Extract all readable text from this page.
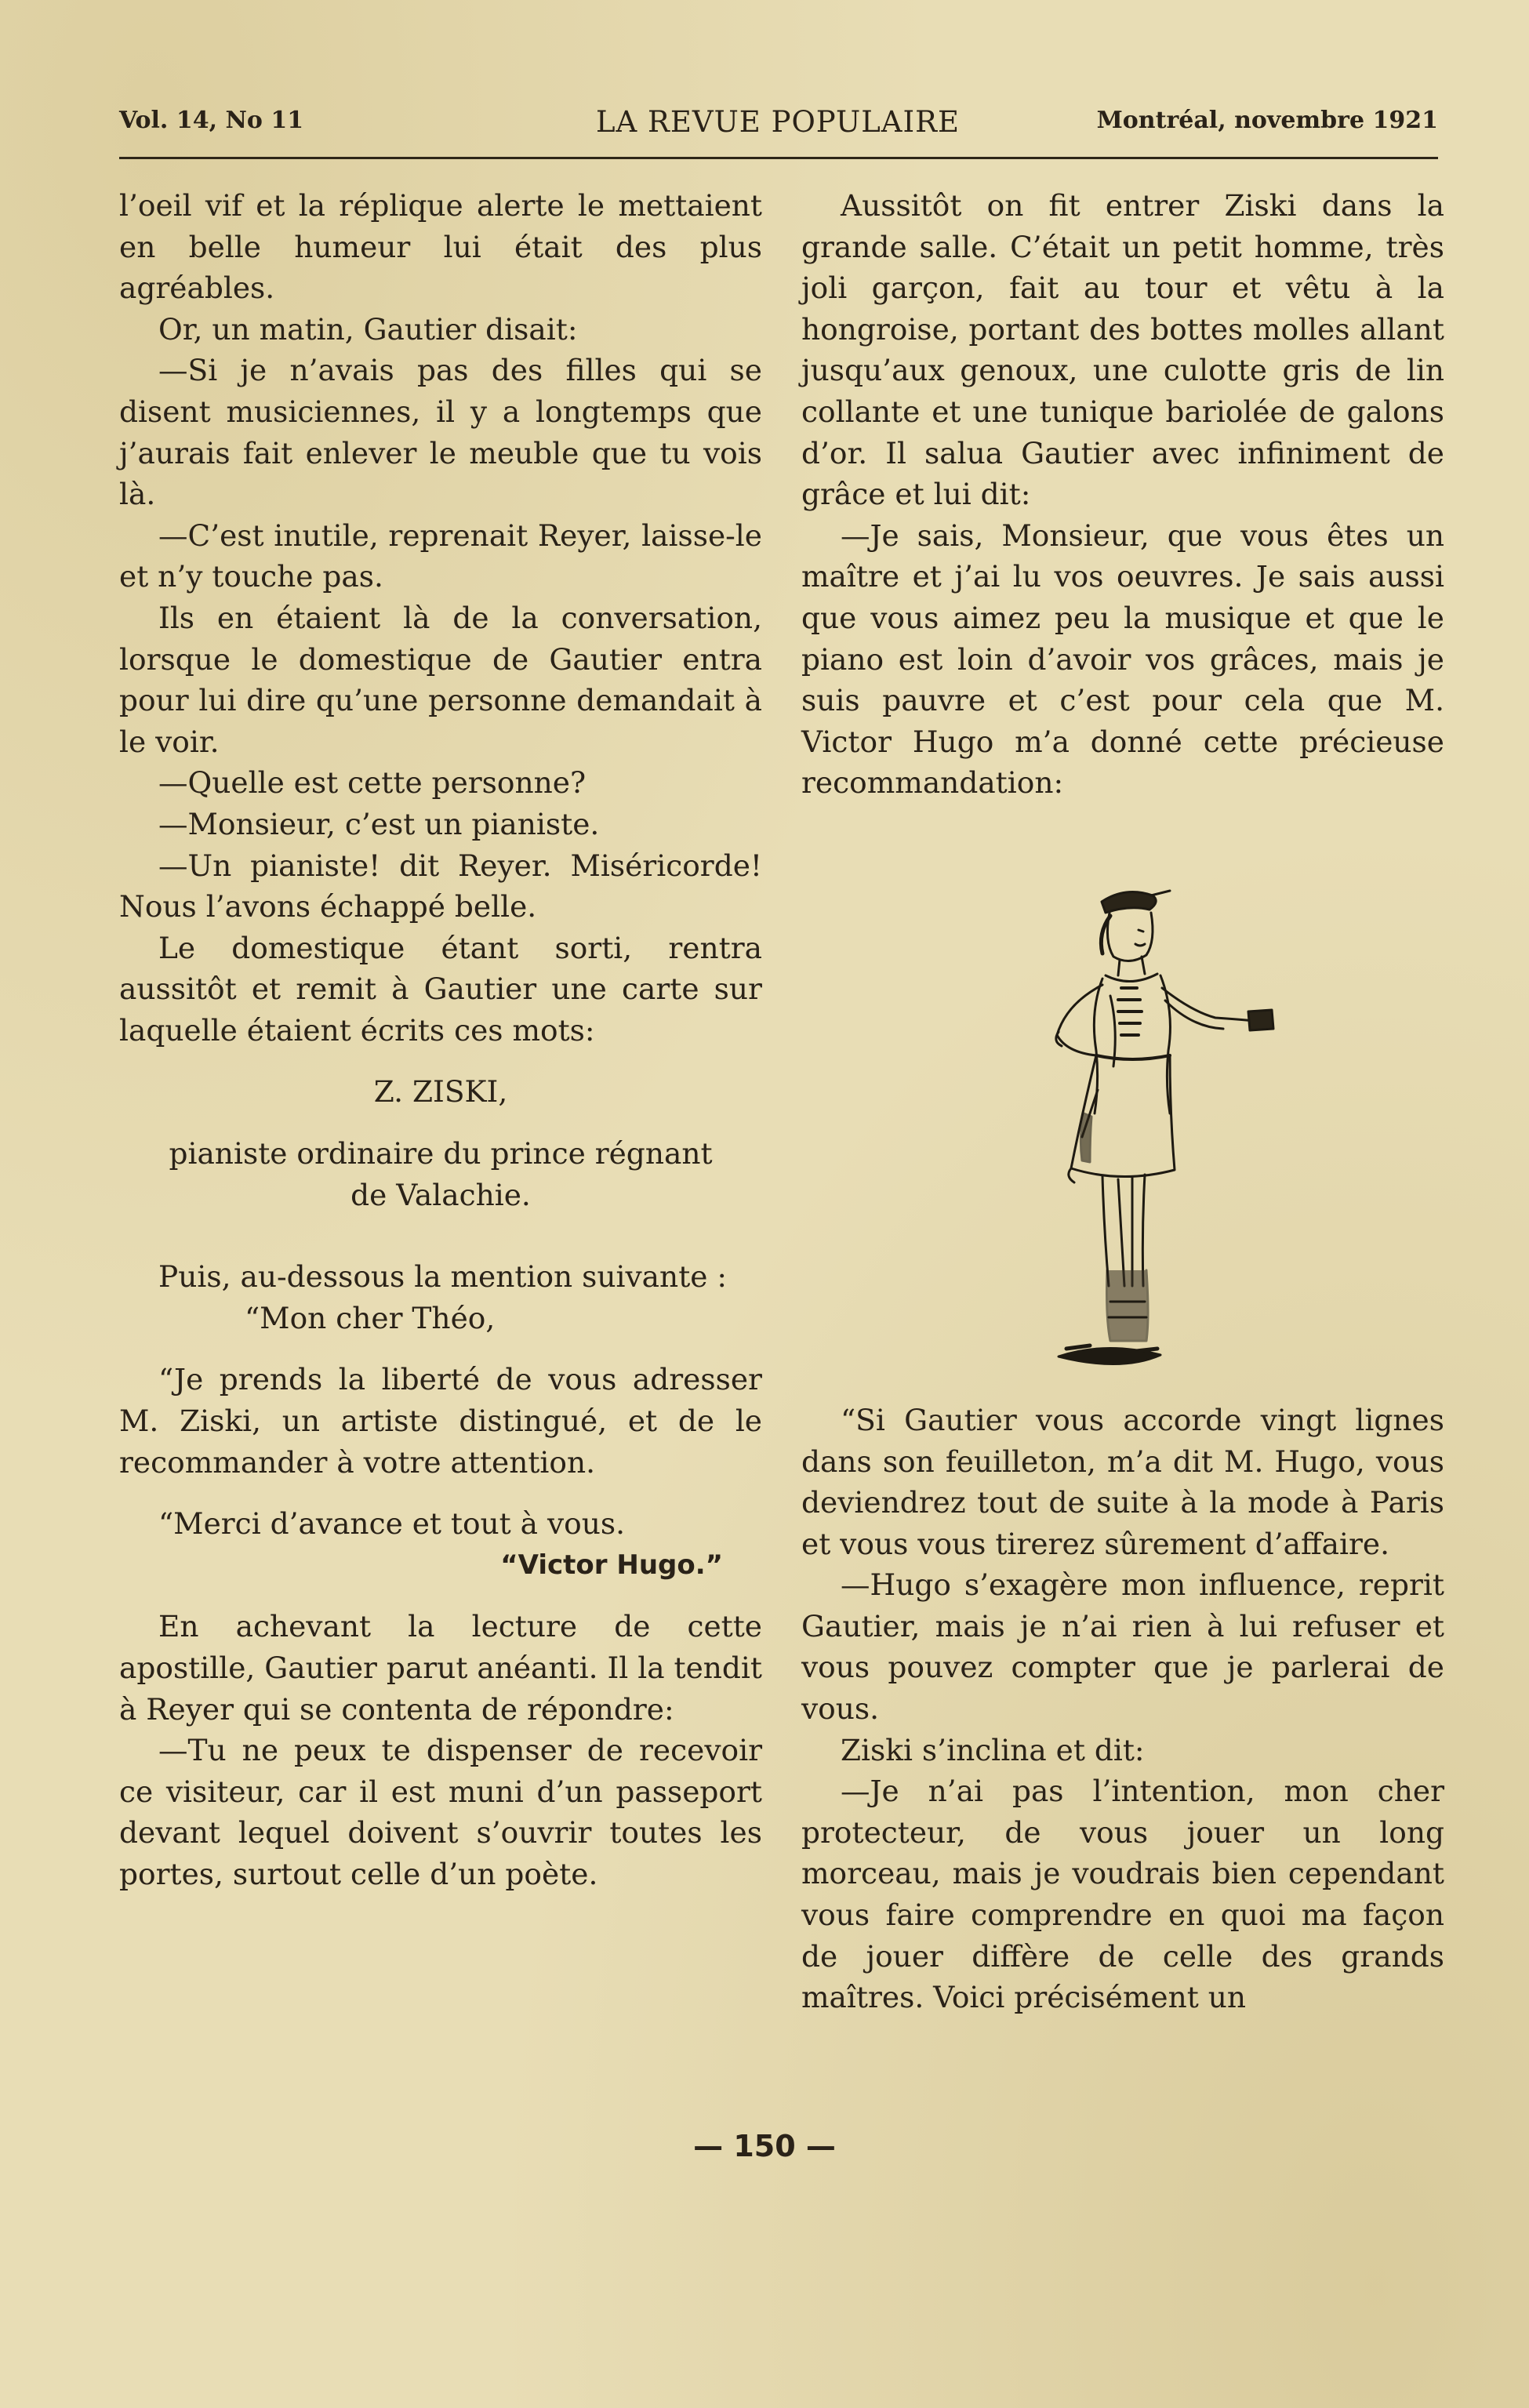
Vol. 14, No 11	LA REVUE POPULAIRE	Montréal, novembre 1921

l’oeil vif et la réplique alerte le mettaient en belle humeur lui était des plus agréables.

Or, un matin, Gautier disait:

—Si je n’avais pas des filles qui se disent musiciennes, il y a longtemps que j’aurais fait enlever le meuble que tu vois là.

—C’est inutile, reprenait Reyer, laisse-le et n’y touche pas.

Ils en étaient là de la conversation, lorsque le domestique de Gautier entra pour lui dire qu’une personne demandait à le voir.

—Quelle est cette personne?

—Monsieur, c’est un pianiste.

—Un pianiste! dit Reyer. Miséricorde! Nous l’avons échappé belle.

Le domestique étant sorti, rentra aussitôt et remit à Gautier une carte sur laquelle étaient écrits ces mots:

Z. ZISKI,

pianiste ordinaire du prince régnant

de Valachie.

Puis, au-dessous la mention suivante :

“Mon cher Théo,

“Je prends la liberté de vous adresser M. Ziski, un artiste distingué, et de le recommander à votre attention.

“Merci d’avance et tout à vous.

“Victor Hugo.”

En achevant la lecture de cette apostille, Gautier parut anéanti. Il la tendit à Reyer qui se contenta de répondre:

—Tu ne peux te dispenser de recevoir ce visiteur, car il est muni d’un passeport devant lequel doivent s’ouvrir toutes les portes, surtout celle d’un poète.

Aussitôt on fit entrer Ziski dans la grande salle. C’était un petit homme, très joli garçon, fait au tour et vêtu à la hongroise, portant des bottes molles allant jusqu’aux genoux, une culotte gris de lin collante et une tunique bariolée de galons d’or. Il salua Gautier avec infiniment de grâce et lui dit:

—Je sais, Monsieur, que vous êtes un maître et j’ai lu vos oeuvres. Je sais aussi que vous aimez peu la musique et que le piano est loin d’avoir vos grâces, mais je suis pauvre et c’est pour cela que M. Victor Hugo m’a donné cette précieuse recommandation:

“Si Gautier vous accorde vingt lignes dans son feuilleton, m’a dit M. Hugo, vous deviendrez tout de suite à la mode à Paris et vous vous tirerez sûrement d’affaire.

—Hugo s’exagère mon influence, reprit Gautier, mais je n’ai rien à lui refuser et vous pouvez compter que je parlerai de vous.

Ziski s’inclina et dit:

—Je n’ai pas l’intention, mon cher protecteur, de vous jouer un long morceau, mais je voudrais bien cependant vous faire comprendre en quoi ma façon de jouer diffère de celle des grands maîtres. Voici précisément un

— 150 —
